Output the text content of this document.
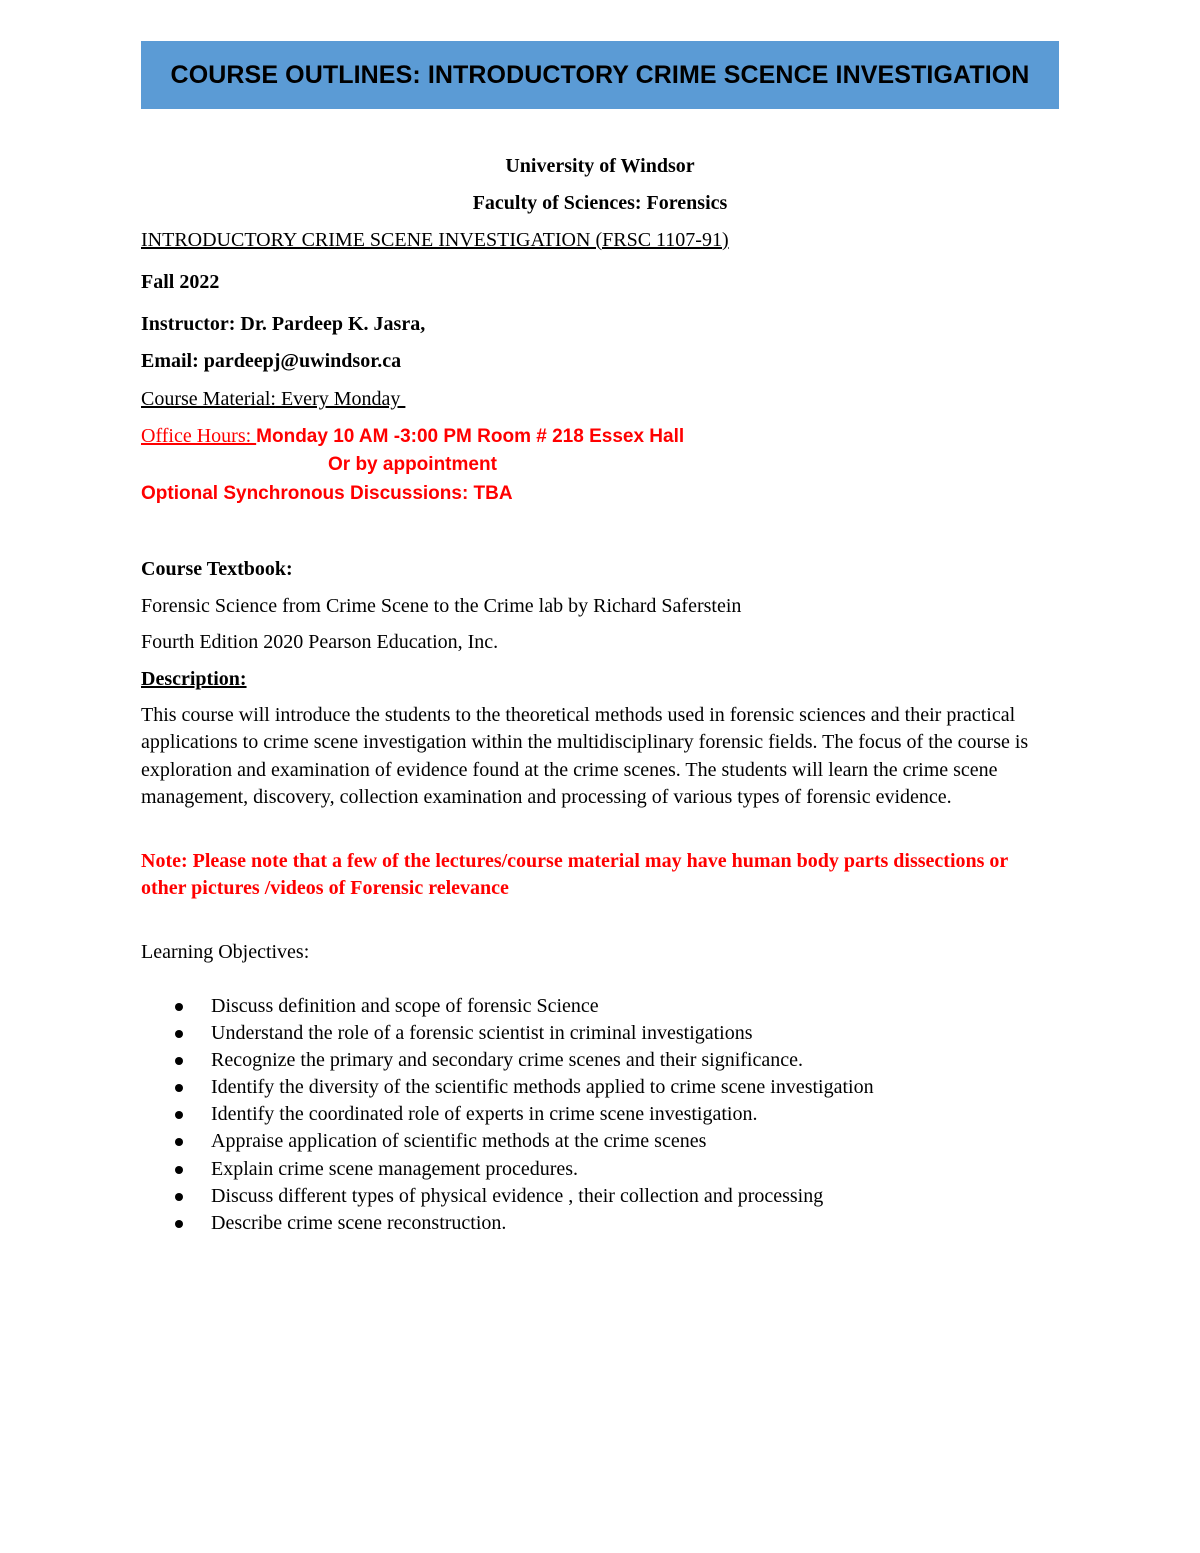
COURSE OUTLINES: INTRODUCTORY CRIME SCENCE INVESTIGATION
University of Windsor
Faculty of Sciences: Forensics
INTRODUCTORY CRIME SCENE INVESTIGATION (FRSC 1107-91)
Fall 2022
Instructor: Dr. Pardeep K. Jasra,
Email: pardeepj@uwindsor.ca
Course Material: Every Monday
Office Hours: Monday 10 AM -3:00 PM Room # 218 Essex Hall
Or by appointment
Optional Synchronous Discussions: TBA
Course Textbook:
Forensic Science from Crime Scene to the Crime lab by Richard Saferstein
Fourth Edition 2020 Pearson Education, Inc.
Description:
This course will introduce the students to the theoretical methods used in forensic sciences and their practical applications to crime scene investigation within the multidisciplinary forensic fields. The focus of the course is exploration and examination of evidence found at the crime scenes. The students will learn the crime scene management, discovery, collection examination and processing of various types of forensic evidence.
Note: Please note that a few of the lectures/course material may have human body parts dissections or other pictures /videos of Forensic relevance
Learning Objectives:
Discuss definition and scope of forensic Science
Understand the role of a forensic scientist in criminal investigations
Recognize the primary and secondary crime scenes and their significance.
Identify the diversity of the scientific methods applied to crime scene investigation
Identify the coordinated role of experts in crime scene investigation.
Appraise application of scientific methods at the crime scenes
Explain crime scene management procedures.
Discuss different types of physical evidence , their collection and processing
Describe crime scene reconstruction.
